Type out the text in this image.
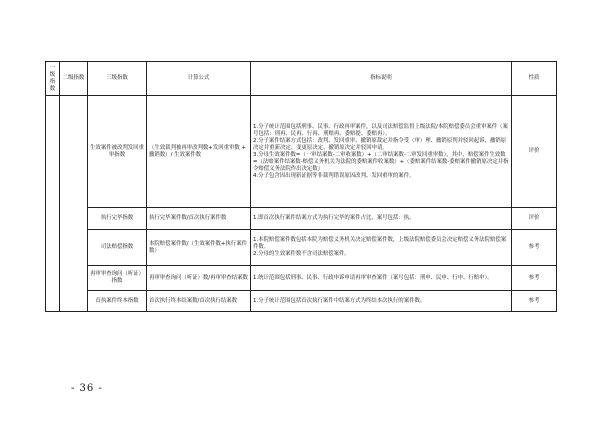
一级指数	二级指数	三级指数	计算公式	指标说明	性质
		生效案件被改判发回重审指数	（生效裁判被再审改判数+发回重审数 + 撤销数）/ 生效案件数	1.分子统计范围包括刑事、民事、行政再审案件，以及司法赔偿监督上级法院/本院赔偿委员会重审案件（案号包括：刑再、民再、行再、刑赔再、委赔提、委赔再）。

2.分子案件结案方式包括：改判、发回重审、撤销原裁定并指令受（审）理、撤销原判并驳回起诉、撤销原决定并重新决定、变更原决定、撤销原决定并驳回申请。

3.分母生效案件数=（一审结案数-二审收案数）+（二审结案数-二审发回重审数），其中，赔偿案件生效数=（法赔案件结案数-赔偿义务机关为法院的委赔案件收案数）+（委赔案件结案数-委赔案件撤销原决定并指令赔偿义务法院作出决定数）

4.分子包含因出现新证据等非裁判错误原因改判、发回重审的案件。	评价
		执行完毕指数	执行完毕案件数/首次执行案件数	1.即首次执行案件结案方式为执行完毕的案件占比，案号包括：执。	评价
		司法赔偿指数	本院赔偿案件数/（生效案件数+执行案件数）	1.本院赔偿案件数包括本院为赔偿义务机关决定赔偿案件数，上级法院赔偿委员会决定赔偿义务法院赔偿案件数。

2.分母的生效案件数不含司法赔偿案件。	参考
		再审审查询问（听证）指数	再审审查询问（听证）数/再审审查结案数	1.统计范围包括刑事、民事、行政申诉申请再审审查案件（案号包括：刑申、民申、行申、行赔申）。	参考
		首执案件终本指数	首次执行终本结案数/首次执行结案数	1.分子统计范围包括首次执行案件中结案方式为终结本次执行的案件数。	参考
- 36 -
